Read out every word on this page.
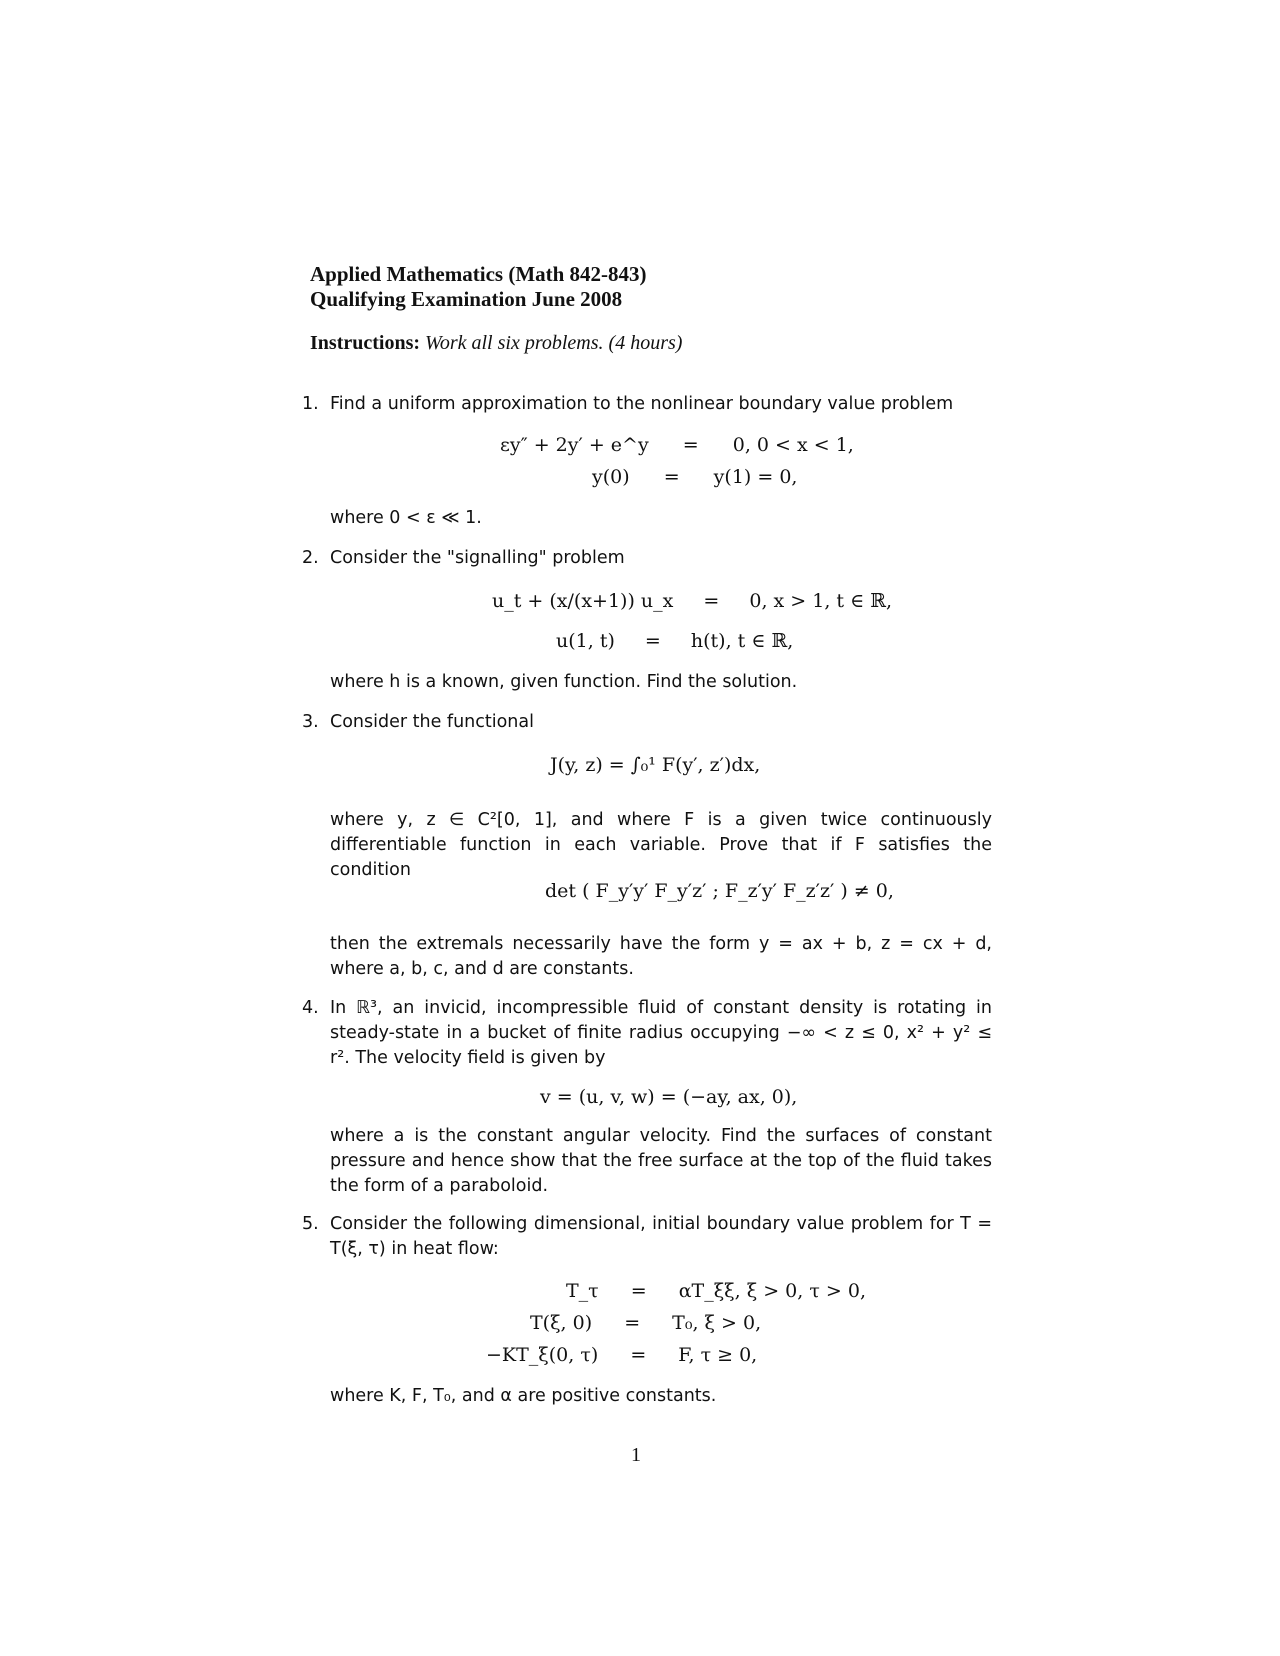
Applied Mathematics (Math 842-843)
Qualifying Examination June 2008
Instructions: Work all six problems. (4 hours)
1. Find a uniform approximation to the nonlinear boundary value problem
εy″ + 2y′ + e^y = 0, 0 < x < 1,
y(0) = y(1) = 0,
where 0 < ε ≪ 1.
2. Consider the "signalling" problem
u_t + (x/(x+1)) u_x = 0, x > 1, t ∈ ℝ,
u(1, t) = h(t), t ∈ ℝ,
where h is a known, given function. Find the solution.
3. Consider the functional
J(y, z) = ∫₀¹ F(y′, z′)dx,
where y, z ∈ C²[0, 1], and where F is a given twice continuously differentiable function in each variable. Prove that if F satisfies the condition
det ( F_y′y′ F_y′z′ ; F_z′y′ F_z′z′ ) ≠ 0,
then the extremals necessarily have the form y = ax + b, z = cx + d, where a, b, c, and d are constants.
4. In ℝ³, an invicid, incompressible fluid of constant density is rotating in steady-state in a bucket of finite radius occupying −∞ < z ≤ 0, x² + y² ≤ r². The velocity field is given by
v = (u, v, w) = (−ay, ax, 0),
where a is the constant angular velocity. Find the surfaces of constant pressure and hence show that the free surface at the top of the fluid takes the form of a paraboloid.
5. Consider the following dimensional, initial boundary value problem for T = T(ξ, τ) in heat flow:
T_τ = αT_ξξ, ξ > 0, τ > 0,
T(ξ, 0) = T₀, ξ > 0,
−KT_ξ(0, τ) = F, τ ≥ 0,
where K, F, T₀, and α are positive constants.
1
